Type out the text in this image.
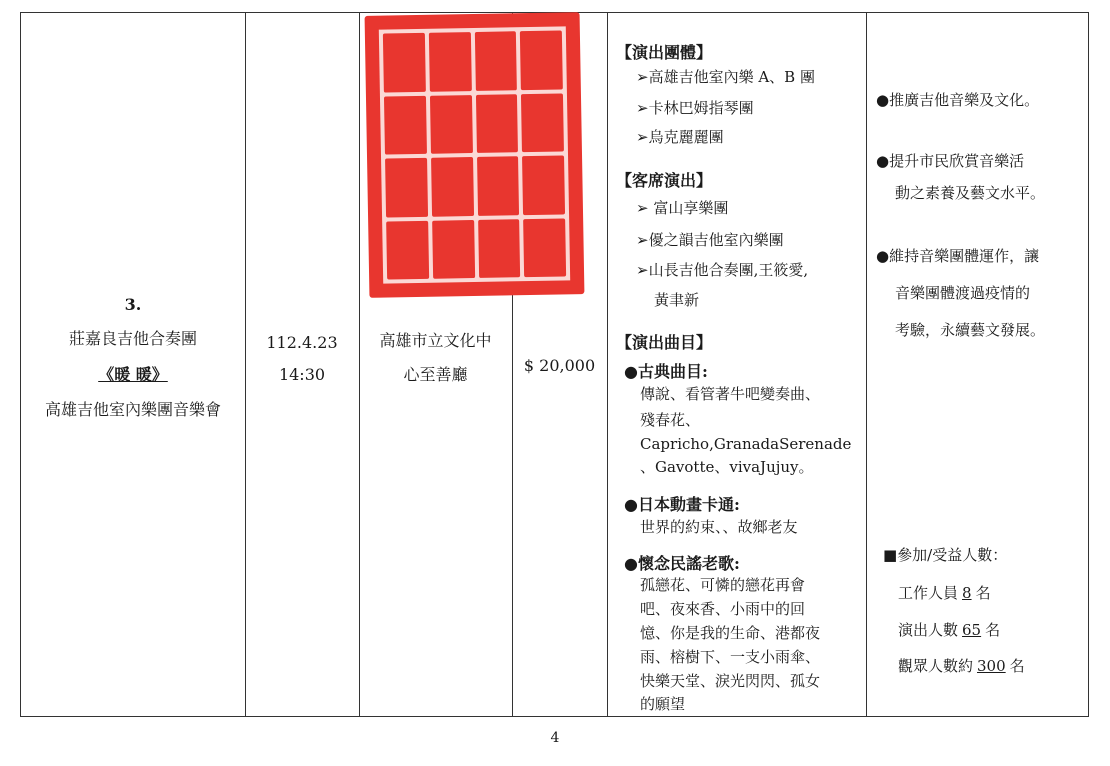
3.
莊嘉良吉他合奏團
《暖 暖》
高雄吉他室內樂團音樂會
112.4.23
14:30
高雄市立文化中
心至善廳	$ 20,000
【演出團體】
➢高雄吉他室內樂 A、B 團
➢卡林巴姆指琴團
➢烏克麗麗團
【客席演出】
➢ 富山享樂團
➢優之韻吉他室內樂團
➢山長吉他合奏團,王筱愛,
黃聿新
【演出曲目】
●古典曲目:
傳說、看管著牛吧變奏曲、
殘春花、
Capricho,GranadaSerenade
、Gavotte、vivaJujuy。
●日本動畫卡通:
世界的約束、、故鄉老友
●懷念民謠老歌:
孤戀花、可憐的戀花再會
吧、夜來香、小雨中的回
憶、你是我的生命、港都夜
雨、榕樹下、一支小雨傘、
快樂天堂、淚光閃閃、孤女
的願望
●推廣吉他音樂及文化。
●提升市民欣賞音樂活
動之素養及藝文水平。
●維持音樂團體運作，讓
音樂團體渡過疫情的
考驗，永續藝文發展。
■參加/受益人數：
工作人員 8 名
演出人數 65 名
觀眾人數約 300 名
4
